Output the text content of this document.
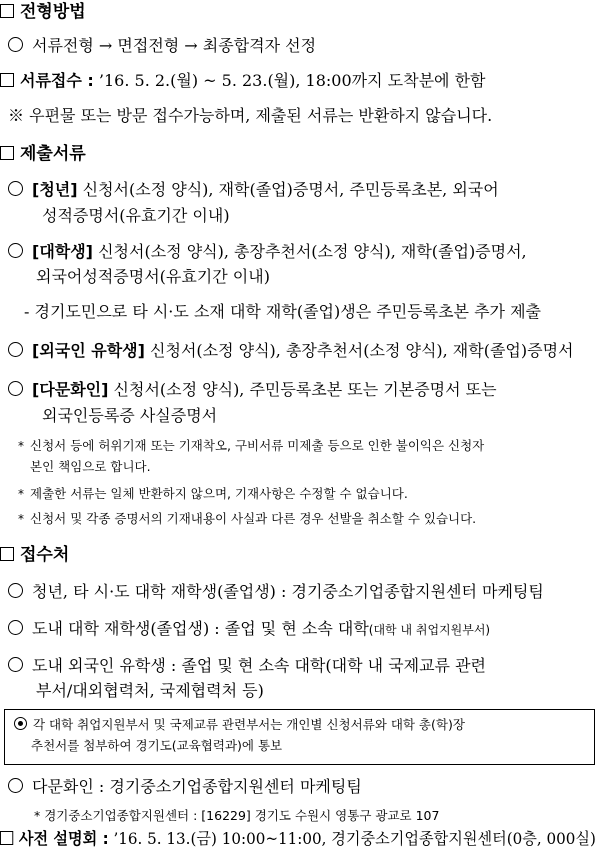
전형방법
서류전형 → 면접전형 → 최종합격자 선정
서류접수 : ’16. 5. 2.(월) ~ 5. 23.(월), 18:00까지 도착분에 한함
※ 우편물 또는 방문 접수가능하며, 제출된 서류는 반환하지 않습니다.
제출서류
[청년] 신청서(소정 양식), 재학(졸업)증명서, 주민등록초본, 외국어
성적증명서(유효기간 이내)
[대학생] 신청서(소정 양식), 총장추천서(소정 양식), 재학(졸업)증명서,
외국어성적증명서(유효기간 이내)
- 경기도민으로 타 시·도 소재 대학 재학(졸업)생은 주민등록초본 추가 제출
[외국인 유학생] 신청서(소정 양식), 총장추천서(소정 양식), 재학(졸업)증명서
[다문화인] 신청서(소정 양식), 주민등록초본 또는 기본증명서 또는
외국인등록증 사실증명서
* 신청서 등에 허위기재 또는 기재착오, 구비서류 미제출 등으로 인한 불이익은 신청자
본인 책임으로 합니다.
* 제출한 서류는 일체 반환하지 않으며, 기재사항은 수정할 수 없습니다.
* 신청서 및 각종 증명서의 기재내용이 사실과 다른 경우 선발을 취소할 수 있습니다.
접수처
청년, 타 시·도 대학 재학생(졸업생) : 경기중소기업종합지원센터 마케팅팀
도내 대학 재학생(졸업생) : 졸업 및 현 소속 대학(대학 내 취업지원부서)
도내 외국인 유학생 : 졸업 및 현 소속 대학(대학 내 국제교류 관련
부서/대외협력처, 국제협력처 등)
각 대학 취업지원부서 및 국제교류 관련부서는 개인별 신청서류와 대학 총(학)장
추천서를 첨부하여 경기도(교육협력과)에 통보
다문화인 : 경기중소기업종합지원센터 마케팅팀
* 경기중소기업종합지원센터 : [16229] 경기도 수원시 영통구 광교로 107
사전 설명회 : ’16. 5. 13.(금) 10:00~11:00, 경기중소기업종합지원센터(0층, 000실)
